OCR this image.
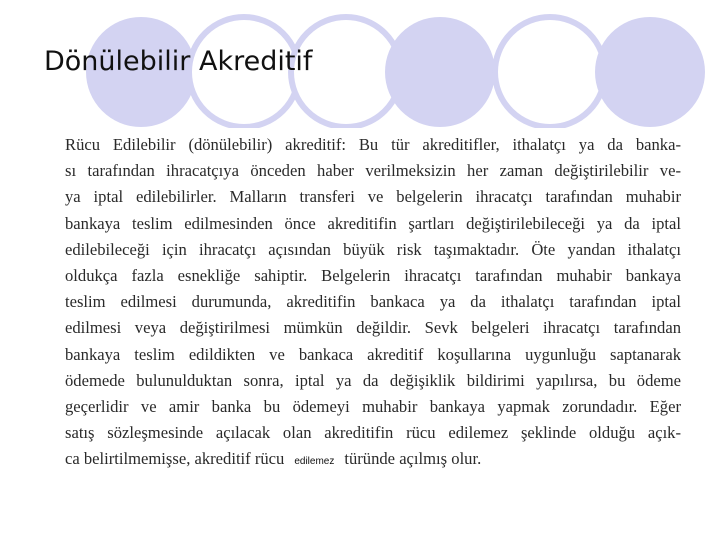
Dönülebilir Akreditif

Rücu Edilebilir (dönülebilir) akreditif: Bu tür akreditifler, ithalatçı ya da banka-
sı tarafından ihracatçıya önceden haber verilmeksizin her zaman değiştirilebilir ve-
ya iptal edilebilirler. Malların transferi ve belgelerin ihracatçı tarafından muhabir
bankaya teslim edilmesinden önce akreditifin şartları değiştirilebileceği ya da iptal
edilebileceği için ihracatçı açısından büyük risk taşımaktadır. Öte yandan ithalatçı
oldukça fazla esnekliğe sahiptir. Belgelerin ihracatçı tarafından muhabir bankaya
teslim edilmesi durumunda, akreditifin bankaca ya da ithalatçı tarafından iptal
edilmesi veya değiştirilmesi mümkün değildir. Sevk belgeleri ihracatçı tarafından
bankaya teslim edildikten ve bankaca akreditif koşullarına uygunluğu saptanarak
ödemede bulunulduktan sonra, iptal ya da değişiklik bildirimi yapılırsa, bu ödeme
geçerlidir ve amir banka bu ödemeyi muhabir bankaya yapmak zorundadır. Eğer
satış sözleşmesinde açılacak olan akreditifin rücu edilemez şeklinde olduğu açık-
ca belirtilmemişse, akreditif rücu edilemez türünde açılmış olur.
